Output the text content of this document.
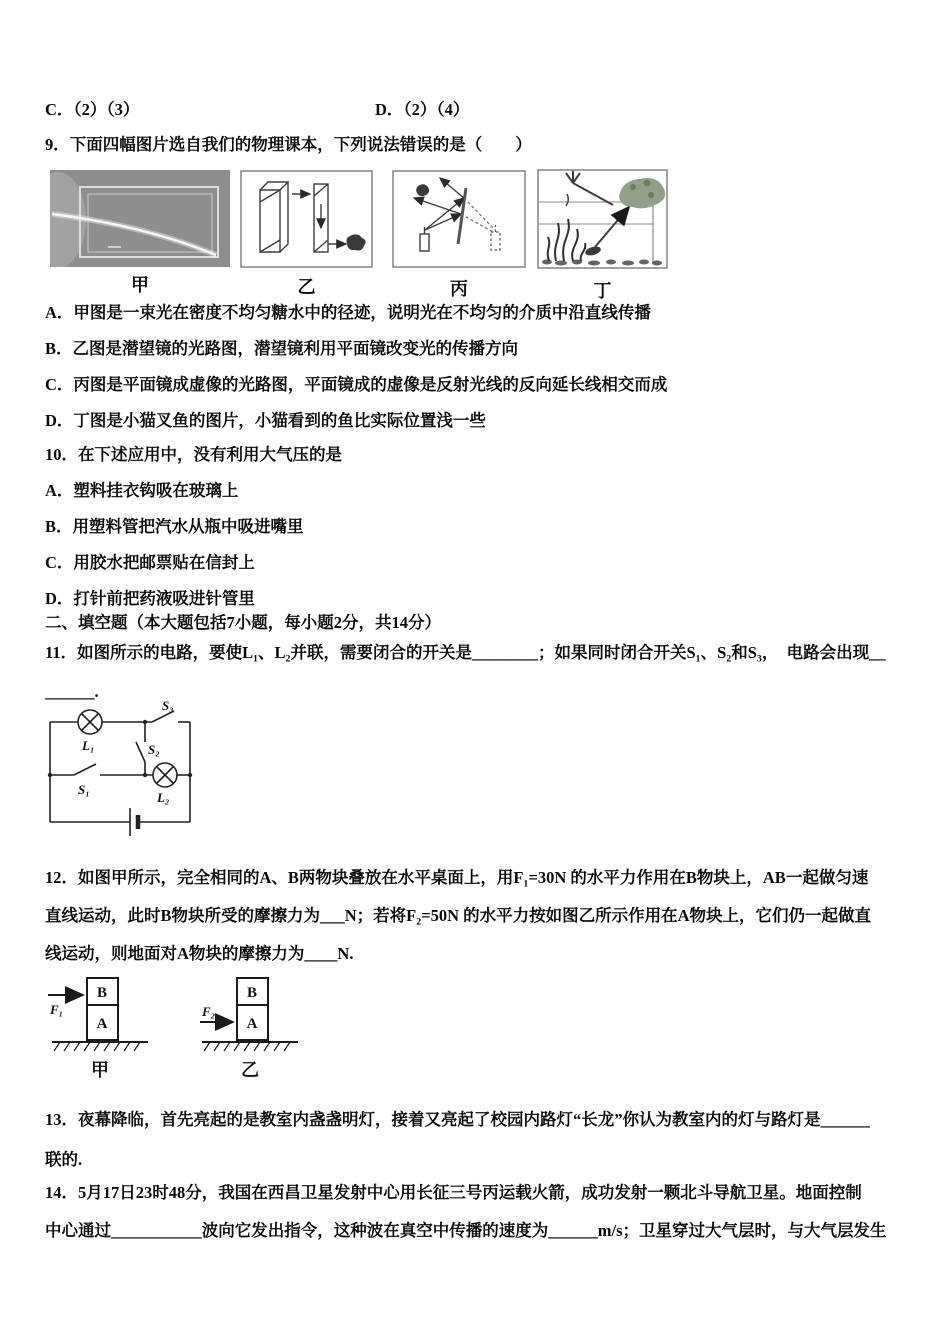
C．（2）（3）	D．（2）（4）
9．下面四幅图片选自我们的物理课本，下列说法错误的是（　　）
甲	乙	丙	丁
A．甲图是一束光在密度不均匀糖水中的径迹，说明光在不均匀的介质中沿直线传播
B．乙图是潜望镜的光路图，潜望镜利用平面镜改变光的传播方向
C．丙图是平面镜成虚像的光路图，平面镜成的虚像是反射光线的反向延长线相交而成
D．丁图是小猫叉鱼的图片，小猫看到的鱼比实际位置浅一些
10．在下述应用中，没有利用大气压的是
A．塑料挂衣钩吸在玻璃上
B．用塑料管把汽水从瓶中吸进嘴里
C．用胶水把邮票贴在信封上
D．打针前把药液吸进针管里
二、填空题（本大题包括7小题，每小题2分，共14分）
11．如图所示的电路，要使L₁、L₂并联，需要闭合的开关是________；如果同时闭合开关S₁、S₂和S₃，  电路会出现__
______.
S₃
L₁	S₂
S₁
L₂
12．如图甲所示，完全相同的A、B两物块叠放在水平桌面上，用F₁=30N 的水平力作用在B物块上，AB一起做匀速
直线运动，此时B物块所受的摩擦力为___N；若将F₂=50N 的水平力按如图乙所示作用在A物块上，它们仍一起做直
线运动，则地面对A物块的摩擦力为____N.
F₁
B
A
甲
F₂
B
A
乙
13．夜幕降临，首先亮起的是教室内盏盏明灯，接着又亮起了校园内路灯“长龙”你认为教室内的灯与路灯是______
联的.
14．5月17日23时48分，我国在西昌卫星发射中心用长征三号丙运载火箭，成功发射一颗北斗导航卫星。地面控制
中心通过___________波向它发出指令，这种波在真空中传播的速度为______m/s；卫星穿过大气层时，与大气层发生
